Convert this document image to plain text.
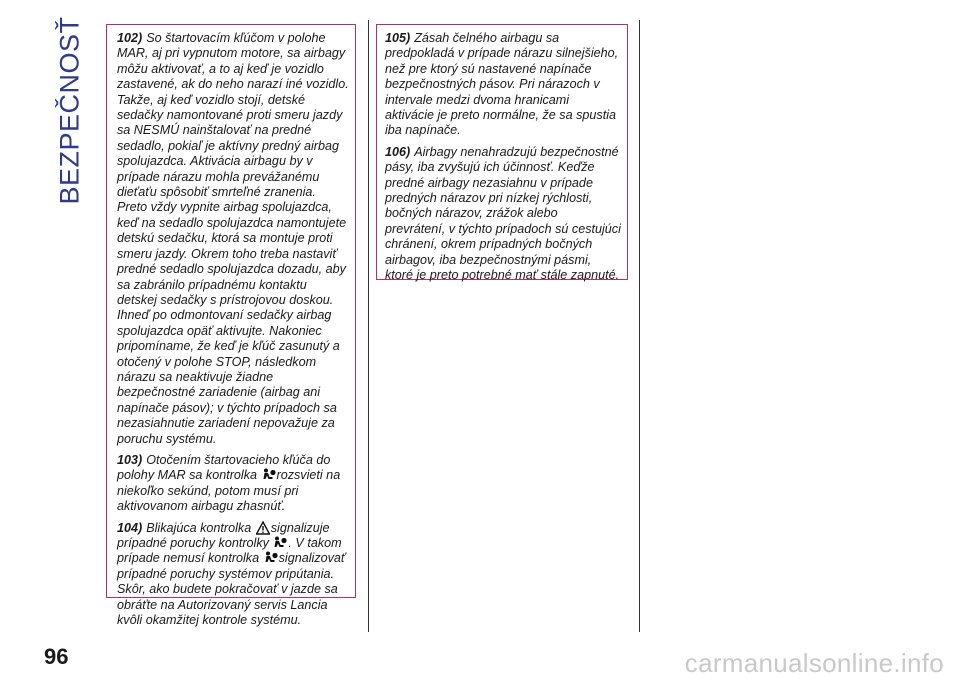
BEZPEČNOSŤ	102) So štartovacím kľúčom v polohe MAR, aj pri vypnutom motore, sa airbagy môžu aktivovať, a to aj keď je vozidlo zastavené, ak do neho narazí iné vozidlo. Takže, aj keď vozidlo stojí, detské sedačky namontované proti smeru jazdy sa NESMÚ nainštalovať na predné sedadlo, pokiaľ je aktívny predný airbag spolujazdca. Aktivácia airbagu by v prípade nárazu mohla prevážanému dieťaťu spôsobiť smrteľné zranenia. Preto vždy vypnite airbag spolujazdca, keď na sedadlo spolujazdca namontujete detskú sedačku, ktorá sa montuje proti smeru jazdy. Okrem toho treba nastaviť predné sedadlo spolujazdca dozadu, aby sa zabránilo prípadnému kontaktu detskej sedačky s prístrojovou doskou. Ihneď po odmontovaní sedačky airbag spolujazdca opäť aktivujte. Nakoniec pripomíname, že keď je kľúč zasunutý a otočený v polohe STOP, následkom nárazu sa neaktivuje žiadne bezpečnostné zariadenie (airbag ani napínače pásov); v týchto prípadoch sa nezasiahnutie zariadení nepovažuje za poruchu systému.

103) Otočením štartovacieho kľúča do polohy MAR sa kontrolka rozsvieti na niekoľko sekúnd, potom musí pri aktivovanom airbagu zhasnúť.

104) Blikajúca kontrolka signalizuje prípadné poruchy kontrolky . V takom prípade nemusí kontrolka signalizovať prípadné poruchy systémov pripútania. Skôr, ako budete pokračovať v jazde sa obráťte na Autorizovaný servis Lancia kvôli okamžitej kontrole systému.

105) Zásah čelného airbagu sa predpokladá v prípade nárazu silnejšieho, než pre ktorý sú nastavené napínače bezpečnostných pásov. Pri nárazoch v intervale medzi dvoma hranicami aktivácie je preto normálne, že sa spustia iba napínače.

106) Airbagy nenahradzujú bezpečnostné pásy, iba zvyšujú ich účinnosť. Keďže predné airbagy nezasiahnu v prípade predných nárazov pri nízkej rýchlosti, bočných nárazov, zrážok alebo prevrátení, v týchto prípadoch sú cestujúci chránení, okrem prípadných bočných airbagov, iba bezpečnostnými pásmi, ktoré je preto potrebné mať stále zapnuté.

96	carmanualsonline.info
